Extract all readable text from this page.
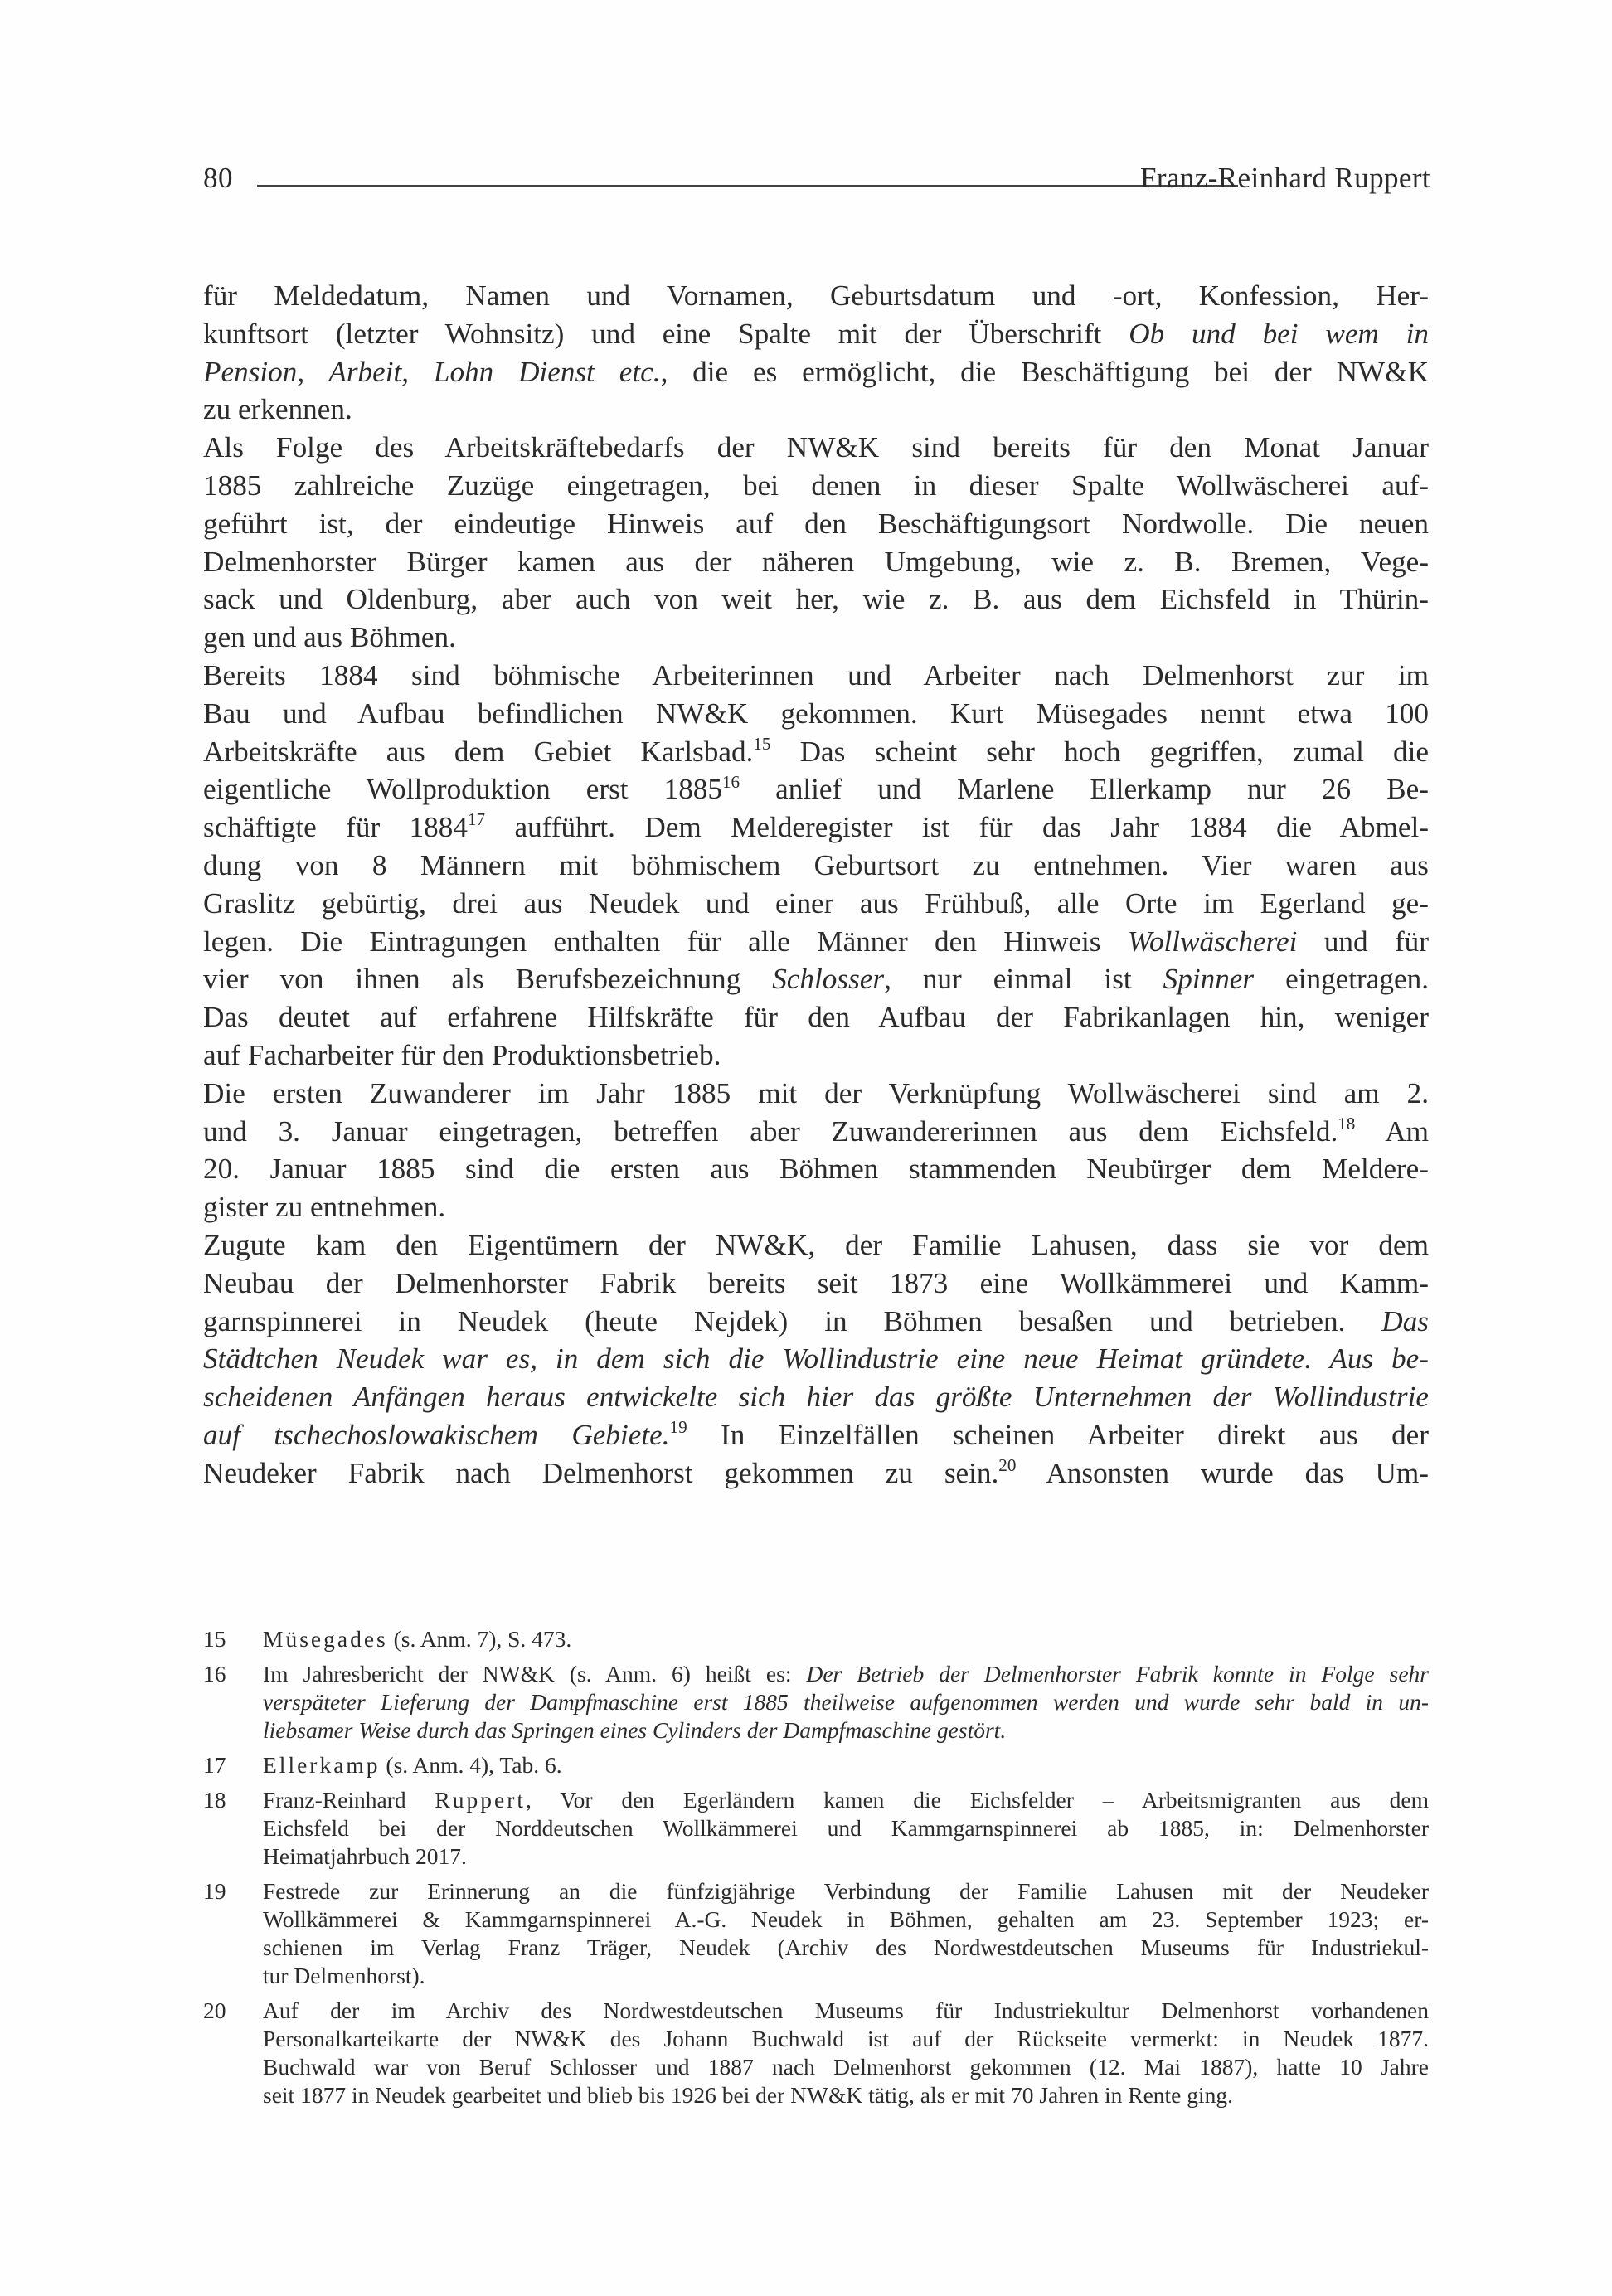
80	Franz-Reinhard Ruppert

für Meldedatum, Namen und Vornamen, Geburtsdatum und -ort, Konfession, Her-
kunftsort (letzter Wohnsitz) und eine Spalte mit der Überschrift Ob und bei wem in
Pension, Arbeit, Lohn Dienst etc., die es ermöglicht, die Beschäftigung bei der NW&K
zu erkennen.

Als Folge des Arbeitskräftebedarfs der NW&K sind bereits für den Monat Januar
1885 zahlreiche Zuzüge eingetragen, bei denen in dieser Spalte Wollwäscherei auf-
geführt ist, der eindeutige Hinweis auf den Beschäftigungsort Nordwolle. Die neuen
Delmenhorster Bürger kamen aus der näheren Umgebung, wie z. B. Bremen, Vege-
sack und Oldenburg, aber auch von weit her, wie z. B. aus dem Eichsfeld in Thürin-
gen und aus Böhmen.

Bereits 1884 sind böhmische Arbeiterinnen und Arbeiter nach Delmenhorst zur im
Bau und Aufbau befindlichen NW&K gekommen. Kurt Müsegades nennt etwa 100
Arbeitskräfte aus dem Gebiet Karlsbad.$^{15}$ Das scheint sehr hoch gegriffen, zumal die
eigentliche Wollproduktion erst 1885$^{16}$ anlief und Marlene Ellerkamp nur 26 Be-
schäftigte für 1884$^{17}$ aufführt. Dem Melderegister ist für das Jahr 1884 die Abmel-
dung von 8 Männern mit böhmischem Geburtsort zu entnehmen. Vier waren aus
Graslitz gebürtig, drei aus Neudek und einer aus Frühbuß, alle Orte im Egerland ge-
legen. Die Eintragungen enthalten für alle Männer den Hinweis Wollwäscherei und für
vier von ihnen als Berufsbezeichnung Schlosser, nur einmal ist Spinner eingetragen.
Das deutet auf erfahrene Hilfskräfte für den Aufbau der Fabrikanlagen hin, weniger
auf Facharbeiter für den Produktionsbetrieb.

Die ersten Zuwanderer im Jahr 1885 mit der Verknüpfung Wollwäscherei sind am 2.
und 3. Januar eingetragen, betreffen aber Zuwandererinnen aus dem Eichsfeld.$^{18}$ Am
20. Januar 1885 sind die ersten aus Böhmen stammenden Neubürger dem Meldere-
gister zu entnehmen.

Zugute kam den Eigentümern der NW&K, der Familie Lahusen, dass sie vor dem
Neubau der Delmenhorster Fabrik bereits seit 1873 eine Wollkämmerei und Kamm-
garnspinnerei in Neudek (heute Nejdek) in Böhmen besaßen und betrieben. Das
Städtchen Neudek war es, in dem sich die Wollindustrie eine neue Heimat gründete. Aus be-
scheidenen Anfängen heraus entwickelte sich hier das größte Unternehmen der Wollindustrie
auf tschechoslowakischem Gebiete.$^{19}$ In Einzelfällen scheinen Arbeiter direkt aus der
Neudeker Fabrik nach Delmenhorst gekommen zu sein.$^{20}$ Ansonsten wurde das Um-

15 Müsegades (s. Anm. 7), S. 473.
16 Im Jahresbericht der NW&K (s. Anm. 6) heißt es: Der Betrieb der Delmenhorster Fabrik konnte in Folge sehr
verspäteter Lieferung der Dampfmaschine erst 1885 theilweise aufgenommen werden und wurde sehr bald in un-
liebsamer Weise durch das Springen eines Cylinders der Dampfmaschine gestört.
17 Ellerkamp (s. Anm. 4), Tab. 6.
18 Franz-Reinhard Ruppert, Vor den Egerländern kamen die Eichsfelder – Arbeitsmigranten aus dem
Eichsfeld bei der Norddeutschen Wollkämmerei und Kammgarnspinnerei ab 1885, in: Delmenhorster
Heimatjahrbuch 2017.
19 Festrede zur Erinnerung an die fünfzigjährige Verbindung der Familie Lahusen mit der Neudeker
Wollkämmerei & Kammgarnspinnerei A.-G. Neudek in Böhmen, gehalten am 23. September 1923; er-
schienen im Verlag Franz Träger, Neudek (Archiv des Nordwestdeutschen Museums für Industriekul-
tur Delmenhorst).
20 Auf der im Archiv des Nordwestdeutschen Museums für Industriekultur Delmenhorst vorhandenen
Personalkarteikarte der NW&K des Johann Buchwald ist auf der Rückseite vermerkt: in Neudek 1877.
Buchwald war von Beruf Schlosser und 1887 nach Delmenhorst gekommen (12. Mai 1887), hatte 10 Jahre
seit 1877 in Neudek gearbeitet und blieb bis 1926 bei der NW&K tätig, als er mit 70 Jahren in Rente ging.
